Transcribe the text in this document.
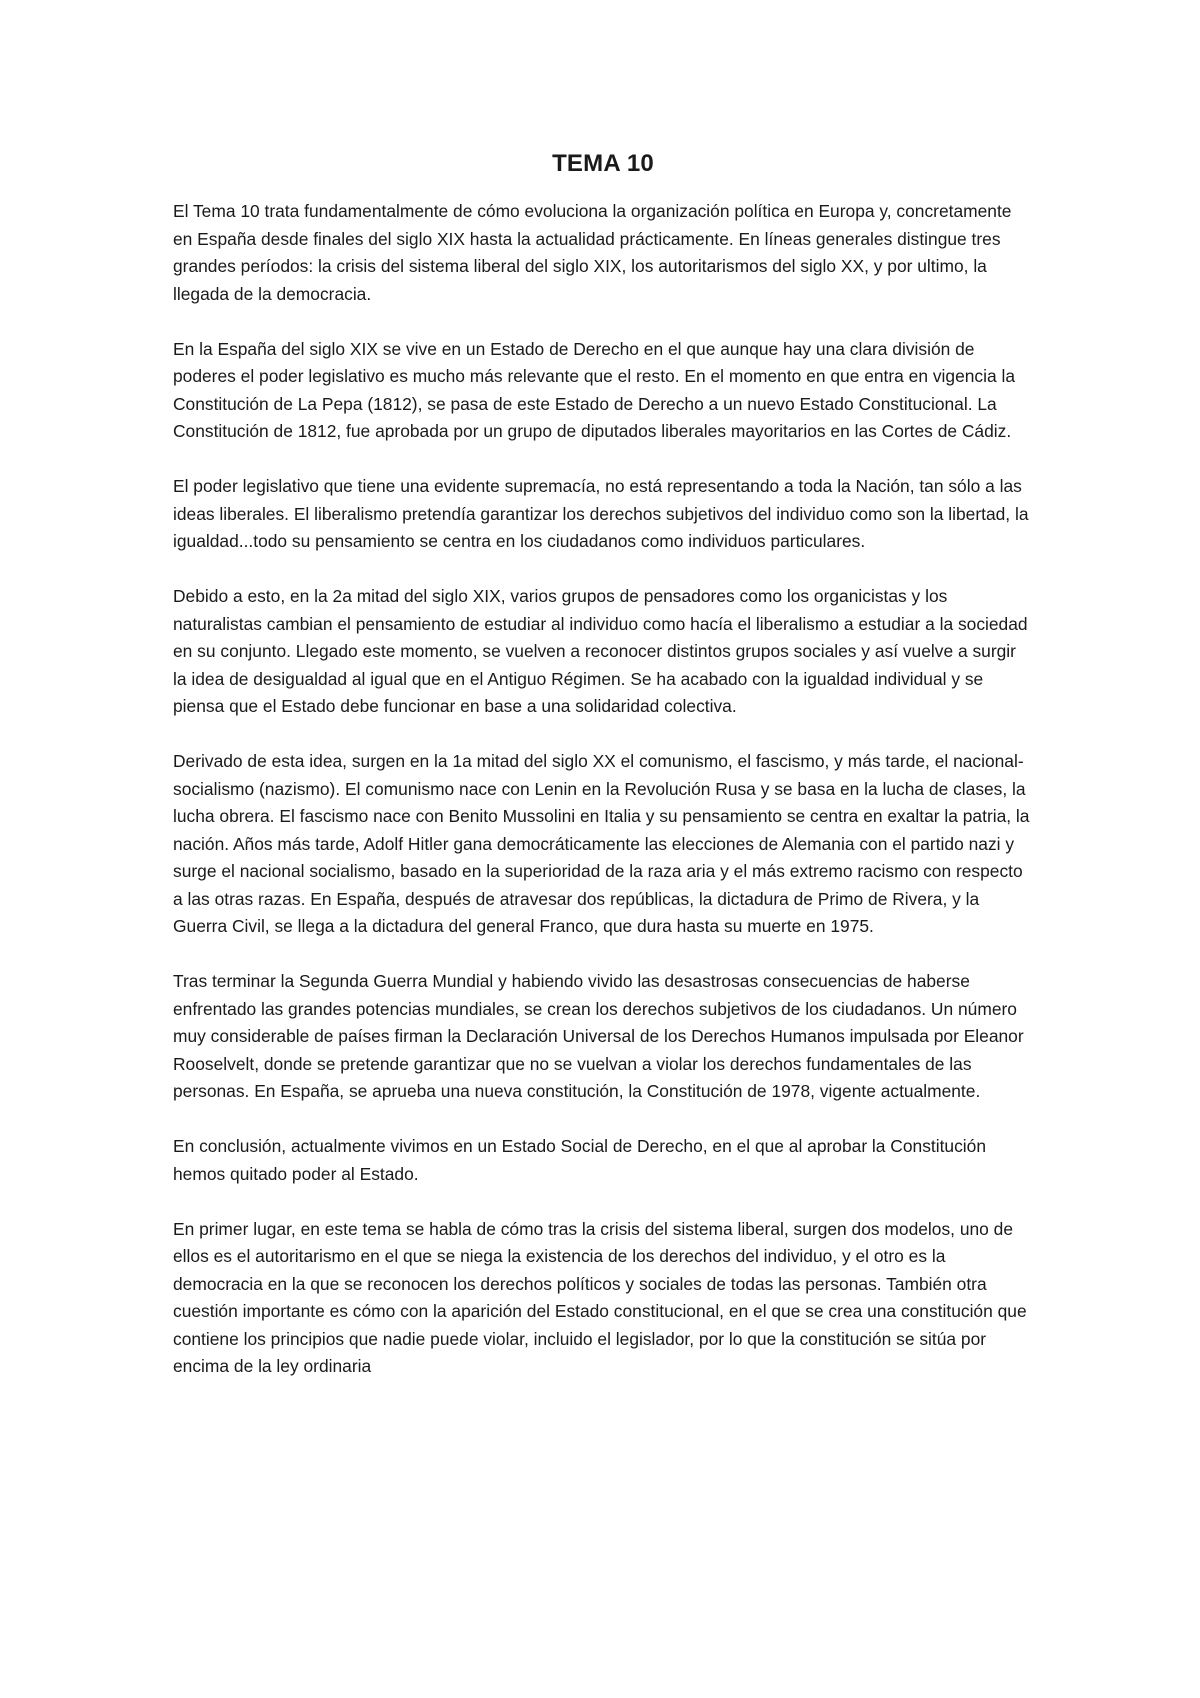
TEMA 10

El Tema 10 trata fundamentalmente de cómo evoluciona la organización política en Europa y, concretamente en España desde finales del siglo XIX hasta la actualidad prácticamente. En líneas generales distingue tres grandes períodos: la crisis del sistema liberal del siglo XIX, los autoritarismos del siglo XX, y por ultimo, la llegada de la democracia.

En la España del siglo XIX se vive en un Estado de Derecho en el que aunque hay una clara división de poderes el poder legislativo es mucho más relevante que el resto. En el momento en que entra en vigencia la Constitución de La Pepa (1812), se pasa de este Estado de Derecho a un nuevo Estado Constitucional. La Constitución de 1812, fue aprobada por un grupo de diputados liberales mayoritarios en las Cortes de Cádiz.

El poder legislativo que tiene una evidente supremacía, no está representando a toda la Nación, tan sólo a las ideas liberales. El liberalismo pretendía garantizar los derechos subjetivos del individuo como son la libertad, la igualdad...todo su pensamiento se centra en los ciudadanos como individuos particulares.

Debido a esto, en la 2a mitad del siglo XIX, varios grupos de pensadores como los organicistas y los naturalistas cambian el pensamiento de estudiar al individuo como hacía el liberalismo a estudiar a la sociedad en su conjunto. Llegado este momento, se vuelven a reconocer distintos grupos sociales y así vuelve a surgir la idea de desigualdad al igual que en el Antiguo Régimen. Se ha acabado con la igualdad individual y se piensa que el Estado debe funcionar en base a una solidaridad colectiva.

Derivado de esta idea, surgen en la 1a mitad del siglo XX el comunismo, el fascismo, y más tarde, el nacional-socialismo (nazismo). El comunismo nace con Lenin en la Revolución Rusa y se basa en la lucha de clases, la lucha obrera. El fascismo nace con Benito Mussolini en Italia y su pensamiento se centra en exaltar la patria, la nación. Años más tarde, Adolf Hitler gana democráticamente las elecciones de Alemania con el partido nazi y surge el nacional socialismo, basado en la superioridad de la raza aria y el más extremo racismo con respecto a las otras razas. En España, después de atravesar dos repúblicas, la dictadura de Primo de Rivera, y la Guerra Civil, se llega a la dictadura del general Franco, que dura hasta su muerte en 1975.

Tras terminar la Segunda Guerra Mundial y habiendo vivido las desastrosas consecuencias de haberse enfrentado las grandes potencias mundiales, se crean los derechos subjetivos de los ciudadanos. Un número muy considerable de países firman la Declaración Universal de los Derechos Humanos impulsada por Eleanor Rooselvelt, donde se pretende garantizar que no se vuelvan a violar los derechos fundamentales de las personas. En España, se aprueba una nueva constitución, la Constitución de 1978, vigente actualmente.

En conclusión, actualmente vivimos en un Estado Social de Derecho, en el que al aprobar la Constitución hemos quitado poder al Estado.

En primer lugar, en este tema se habla de cómo tras la crisis del sistema liberal, surgen dos modelos, uno de ellos es el autoritarismo en el que se niega la existencia de los derechos del individuo, y el otro es la democracia en la que se reconocen los derechos políticos y sociales de todas las personas. También otra cuestión importante es cómo con la aparición del Estado constitucional, en el que se crea una constitución que contiene los principios que nadie puede violar, incluido el legislador, por lo que la constitución se sitúa por encima de la ley ordinaria
